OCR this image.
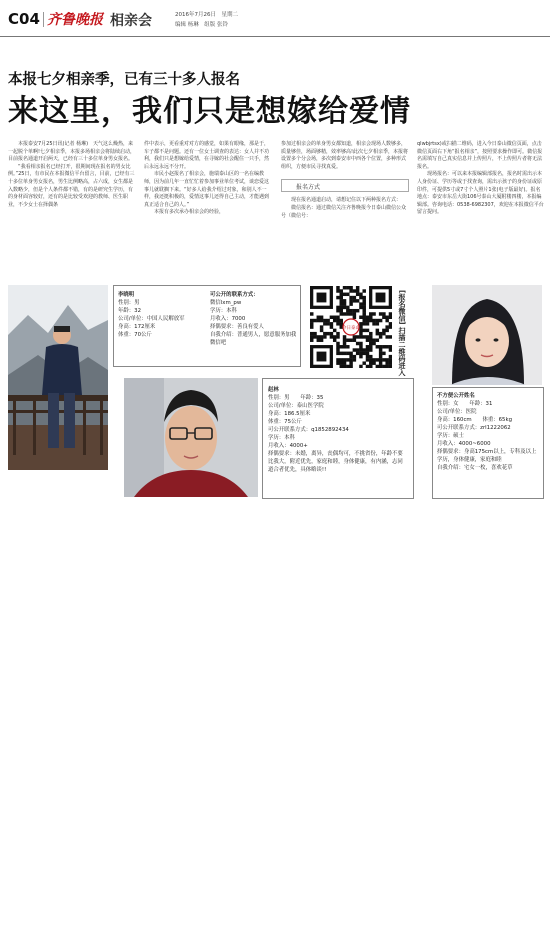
C04 齐鲁晚报 相亲会	2016年7月26日　星期二
编辑 杨琳　组版 张铃
本报七夕相亲季，已有三十多人报名
来这里，我们只是想嫁给爱情

本报泰安7月25日讯(记者 杨琳)　天气这么燥热，来一起脱个单啊!七夕相亲季，本报多场相亲会将陆续启动，目前报名通道开启两天，已经有三十多位单身男女报名。

“我看相亲报名已经打开，很期间现在报名的男女比例。”25日，有市民在本报微信平台留言，目前，已经有三十多位单身男女报名，男生比例略高，占六成，女生都是入数略少，但是个人条件都不错，有的是研究生学历，有的身材面容较好，还有的是比较受欢迎的教师、医生职业，不少女士在择偶条

件中表示，更看重对对方的感觉，如果有眼缘，那是于，车子都不是问题。还有一位女士调查的表达：女人并不功利，我们只是想嫁给爱情，在寻嫁的社会醒住一只手，然后永远永远不分开。

市民小赵报名了相亲会，施瑞泰山区的一名在编教师，因为前几年一直忙忙着参加事业单位考试，谈恋爱这事儿就耽搁下来。“好多人给我介绍过对象，和别人不一样，我还挺积极的，爱情这事儿还得自己主动，才能遇到真正适合自己的人。”

本报有多次承办相亲会的经验，

参加过相亲会的单身男女都知道，相亲会现场人数够多，质量够佳，场面够精，效率够高!此次七夕相亲季，本报将设置多个分会场，多次到泰安市中西各个位置，多种形式组织，方便市民寻找真爱。

报名方式

现在报名通道启动，请想记住以下两种报名方式：

微信报名：通过微信关注齐鲁晚报今日泰山微信公众号（微信号：

qlwbjrtsx)或扫描二维码，进入今日泰山微信页面，点击微信页面右下角“报名相亲”，按照要求操作即可。微信报名需填写自己真实信息并上传照片，不上传照片者将无法报名。

现场报名：可以来本报编辑部报名，报名时需出示本人身份证、学历等或于找查询，需出示孩子的身份证或原印件，可提供5寸或7寸个人照片1张(电子版最好)。报名地点：泰安市东岳大街106号泰山大厦附楼四楼，本报编辑部。咨询电话：0538-6982307，欢迎在本报微信平台留言提问。

李晓明
性别：男
年龄：32
公司/单位：中国人民解放军
身高：172厘米
体重：70公斤
可公开的联系方式：
微信lxm_pw
学历：本科
月收入：7000
择偶要求：善良有爱人
自我介绍：普通男人，愿意服务加我微信吧
今日泰山
[报名微信] 扫描二维码进入
赵林
性别：男　　年龄：35
公司/单位：泰山医学院
身高：186.5厘米
体重：75公斤
可公开联系方式：q1852892434
学历：本科
月收入：4000+
择偶要求：未婚，离异，丧偶均可，不挑省份，年龄不要比我大，附近优先，家庭和睦，身体健康，有内涵，志同道合者优先，具体略谈!!
不方便公开姓名
性别：女　　年龄：31
公司/单位：医院
身高：160cm　　体重：65kg
可公开联系方式：zrl1222062
学历：硕士
月收入：4000~6000
择偶要求：身高175cm以上，专科及以上学历，身体健康，家庭和睦
自我介绍：宅女一枚，喜欢花草
